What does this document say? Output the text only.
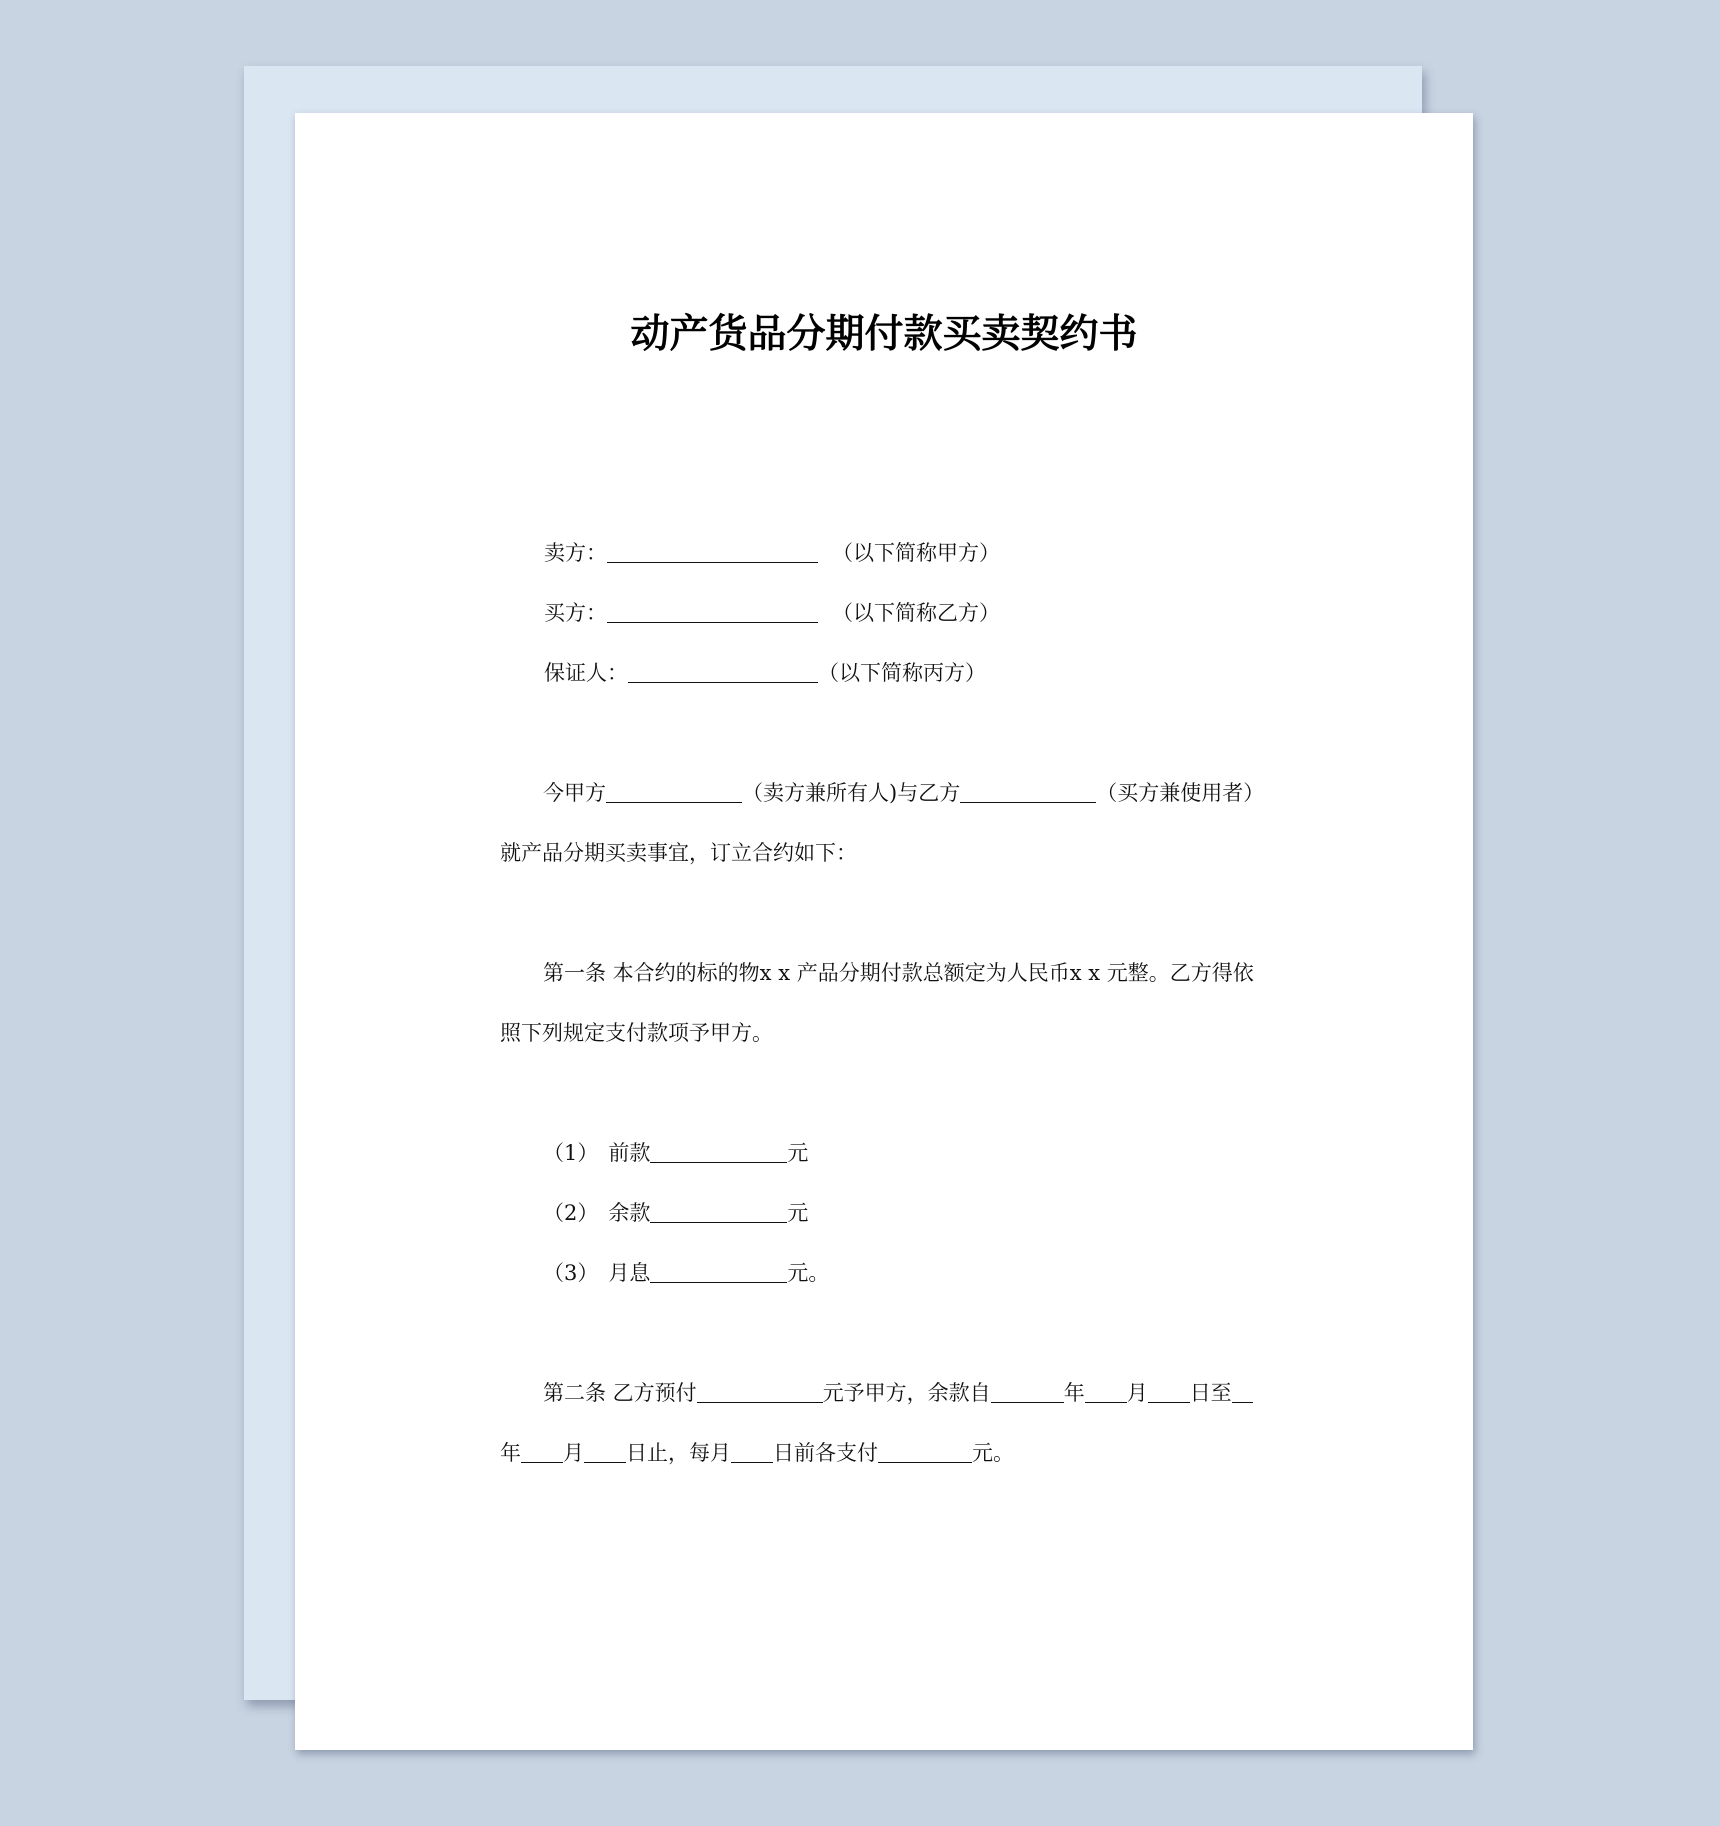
动产货品分期付款买卖契约书
卖方：	（以下简称甲方）
买方：	（以下简称乙方）
保证人：	（以下简称丙方）
今甲方	（卖方兼所有人)与乙方	（买方兼使用者）
就产品分期买卖事宜，订立合约如下：
第一条 本合约的标的物x x 产品分期付款总额定为人民币x x 元整。乙方得依
照下列规定支付款项予甲方。
（1） 前款	元
（2） 余款	元
（3） 月息	元。
第二条 乙方预付	元予甲方，余款自	年 月 日至
年 月 日止，每月 日前各支付	元。
